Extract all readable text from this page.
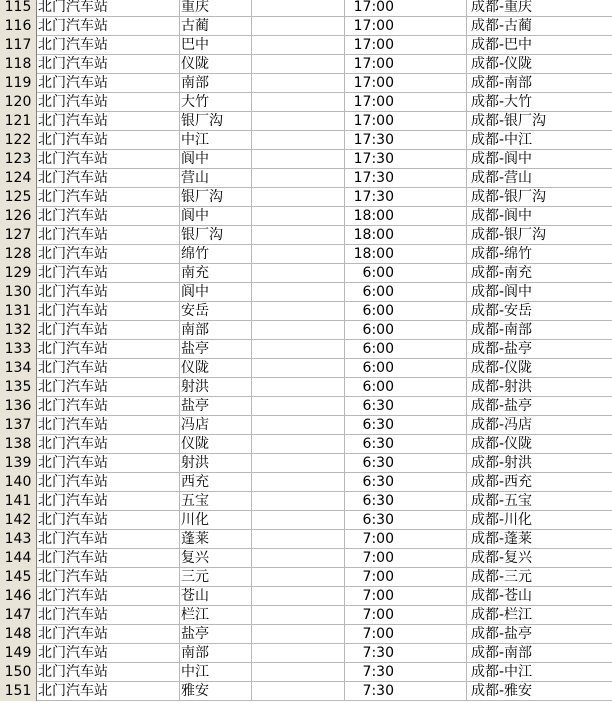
115 北门汽车站	重庆	17:00	成都-重庆
116 北门汽车站	古蔺	17:00	成都-古蔺
117 北门汽车站	巴中	17:00	成都-巴中
118 北门汽车站	仪陇	17:00	成都-仪陇
119 北门汽车站	南部	17:00	成都-南部
120 北门汽车站	大竹	17:00	成都-大竹
121 北门汽车站	银厂沟	17:00	成都-银厂沟
122 北门汽车站	中江	17:30	成都-中江
123 北门汽车站	阆中	17:30	成都-阆中
124 北门汽车站	营山	17:30	成都-营山
125 北门汽车站	银厂沟	17:30	成都-银厂沟
126 北门汽车站	阆中	18:00	成都-阆中
127 北门汽车站	银厂沟	18:00	成都-银厂沟
128 北门汽车站	绵竹	18:00	成都-绵竹
129 北门汽车站	南充	6:00	成都-南充
130 北门汽车站	阆中	6:00	成都-阆中
131 北门汽车站	安岳	6:00	成都-安岳
132 北门汽车站	南部	6:00	成都-南部
133 北门汽车站	盐亭	6:00	成都-盐亭
134 北门汽车站	仪陇	6:00	成都-仪陇
135 北门汽车站	射洪	6:00	成都-射洪
136 北门汽车站	盐亭	6:30	成都-盐亭
137 北门汽车站	冯店	6:30	成都-冯店
138 北门汽车站	仪陇	6:30	成都-仪陇
139 北门汽车站	射洪	6:30	成都-射洪
140 北门汽车站	西充	6:30	成都-西充
141 北门汽车站	五宝	6:30	成都-五宝
142 北门汽车站	川化	6:30	成都-川化
143 北门汽车站	蓬莱	7:00	成都-蓬莱
144 北门汽车站	复兴	7:00	成都-复兴
145 北门汽车站	三元	7:00	成都-三元
146 北门汽车站	苍山	7:00	成都-苍山
147 北门汽车站	栏江	7:00	成都-栏江
148 北门汽车站	盐亭	7:00	成都-盐亭
149 北门汽车站	南部	7:30	成都-南部
150 北门汽车站	中江	7:30	成都-中江
151 北门汽车站	雅安	7:30	成都-雅安
